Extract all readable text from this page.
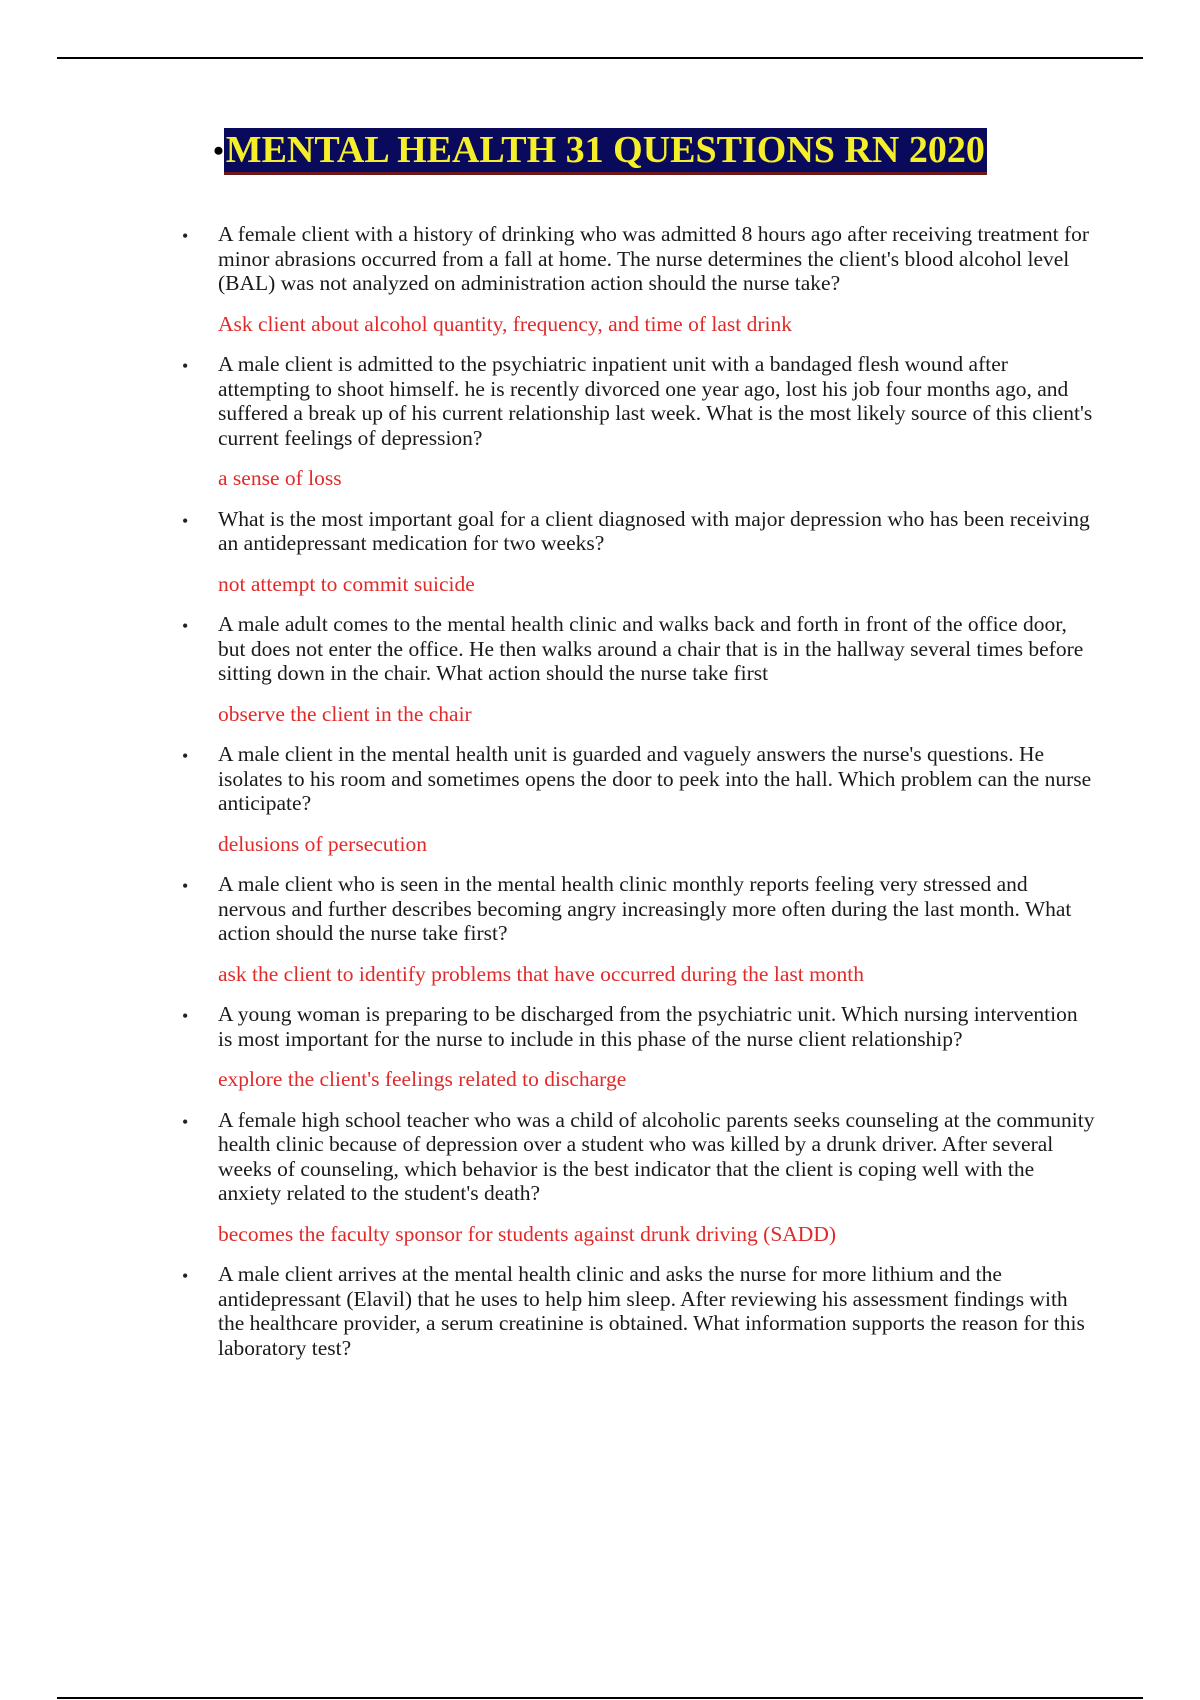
•MENTAL HEALTH 31 QUESTIONS RN 2020
• A female client with a history of drinking who was admitted 8 hours ago after receiving treatment for minor abrasions occurred from a fall at home. The nurse determines the client's blood alcohol level (BAL) was not analyzed on administration action should the nurse take?

Ask client about alcohol quantity, frequency, and time of last drink

• A male client is admitted to the psychiatric inpatient unit with a bandaged flesh wound after attempting to shoot himself. he is recently divorced one year ago, lost his job four months ago, and suffered a break up of his current relationship last week. What is the most likely source of this client's current feelings of depression?

a sense of loss

• What is the most important goal for a client diagnosed with major depression who has been receiving an antidepressant medication for two weeks?

not attempt to commit suicide

• A male adult comes to the mental health clinic and walks back and forth in front of the office door, but does not enter the office. He then walks around a chair that is in the hallway several times before sitting down in the chair. What action should the nurse take first

observe the client in the chair

• A male client in the mental health unit is guarded and vaguely answers the nurse's questions. He isolates to his room and sometimes opens the door to peek into the hall. Which problem can the nurse anticipate?

delusions of persecution

• A male client who is seen in the mental health clinic monthly reports feeling very stressed and nervous and further describes becoming angry increasingly more often during the last month. What action should the nurse take first?

ask the client to identify problems that have occurred during the last month

• A young woman is preparing to be discharged from the psychiatric unit. Which nursing intervention is most important for the nurse to include in this phase of the nurse client relationship?

explore the client's feelings related to discharge

• A female high school teacher who was a child of alcoholic parents seeks counseling at the community health clinic because of depression over a student who was killed by a drunk driver. After several weeks of counseling, which behavior is the best indicator that the client is coping well with the anxiety related to the student's death?

becomes the faculty sponsor for students against drunk driving (SADD)

• A male client arrives at the mental health clinic and asks the nurse for more lithium and the antidepressant (Elavil) that he uses to help him sleep. After reviewing his assessment findings with the healthcare provider, a serum creatinine is obtained. What information supports the reason for this laboratory test?
